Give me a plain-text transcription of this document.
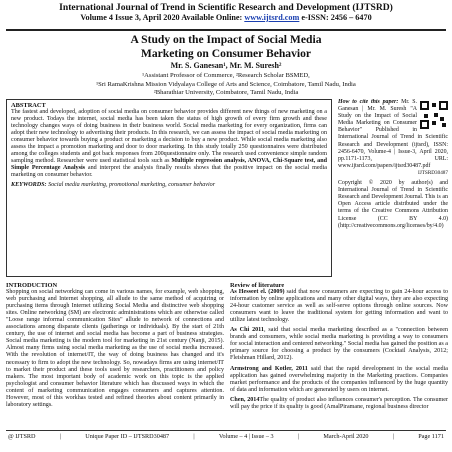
International Journal of Trend in Scientific Research and Development (IJTSRD)
Volume 4 Issue 3, April 2020 Available Online: www.ijtsrd.com e-ISSN: 2456 – 6470
A Study on the Impact of Social Media
Marketing on Consumer Behavior
Mr. S. Ganesan¹, Mr. M. Suresh²
¹Assistant Professor of Commerce, ²Research Scholar BSMED,
¹Sri RamaKrishna Mission Vidyalaya College of Arts and Science, Coimbatore, Tamil Nadu, India
²Bharathiar University, Coimbatore, Tamil Nadu, India
ABSTRACT
The fastest and developed, adoption of social media on consumer behavior provides different new things of new marketing on a new product. Todays the internet, social media has been taken the status of high growth of every firm growth and these technology changes ways of doing business in their business world. Social media marketing for every organization, firms can adopt their new technology to advertising their products. In this research, we can assess the impact of social media marketing on consumer behavior towards buying a product or marketing a decision to buy a new product. While social media marketing also assess the impact a promotion marketing and door to door marketing. In this study totally 250 questionnaires were distributed among the colleges students and got back responses from 200questionnaire only. The research used convenience simple random sampling method. Researcher were used statistical tools such as Multiple regression analysis, ANOVA, Chi-Square test, and Simple Percentage Analysis and interpret the analysis finally results shows that the positive impact on the social media marketing on consumer behavior.
KEYWORDS: Social media marketing, promotional marketing, consumer behavior
How to cite this paper: Mr. S. Ganesan | Mr. M. Suresh "A Study on the Impact of Social Media Marketing on Consumer Behavior" Published in International Journal of Trend in Scientific Research and Development (ijtsrd), ISSN: 2456-6470, Volume-4 | Issue-3, April 2020, pp.1171-1173, URL: www.ijtsrd.com/papers/ijtsrd30487.pdf
IJTSRD30487
Copyright © 2020 by author(s) and International Journal of Trend in Scientific Research and Development Journal. This is an Open Access article distributed under the terms of the Creative Commons Attribution License (CC BY 4.0) (http://creativecommons.org/licenses/by/4.0)
INTRODUCTION
Shopping on social networking can come in various names, for example, web shopping, web purchasing and Internet shopping, all allude to the same method of acquiring or purchasing items through Internet utilizing Social Media and distinctive web shopping sites. Online networking (SM) are electronic administrations which are otherwise called "Loose range informal communication Sites" allude to network of connections and associations among disparate clients (gatherings or individuals). By the start of 21th century, the use of internet and social media has become a part of business strategies. Social media marketing is the modern tool for marketing in 21st century (Nanji, 2015). Almost many firms using social media marketing as the use of social media increased. With the revolution of internet/IT, the way of doing business has changed and it's necessary to firm to adopt the new technology. So, nowadays firms are using internet/IT to market their product and these tools used by researchers, practitioners and policy makers. The most important body of academic work on this topic is the applied psychologist and consumer behavior literature which has discussed ways in which the content of marketing communication engages consumers and captures attention. However, most of this workhas tested and refined theories about content primarily in laboratory settings.
Review of literature
As Hesseet el. (2009) said that now consumers are expecting to gain 24-hour access to information by online applications and many other digital ways, they are also expecting 24-hour customer service as well as self-serve options through online sources. Now consumers want to leave the traditional system for getting information and want to utilize latest technology.
As Chi 2011, said that social media marketing described as a "connection between brands and consumers, while social media marketing is providing a way to consumers for social interaction and centered networking." Social media has gained the position as a primary source for choosing a product by the consumers (Cocktail Analysis, 2012; Fleishman Hillard, 2012).
Armstrong and Kotler, 2011 said that the rapid development in the social media application has gained overwhelming majority in the Marketing practices. Companies market performance and the products of the companies influenced by the huge quantity of data and information which are generated by users on internet.
Chen, 2014The quality of product also influences consumer's perception. The consumer will pay the price if its quality is good (AmalPiramane, regional business director
@ IJTSRD	|	Unique Paper ID – IJTSRD30487	|	Volume – 4 | Issue – 3	|	March-April 2020	|	Page 1171
